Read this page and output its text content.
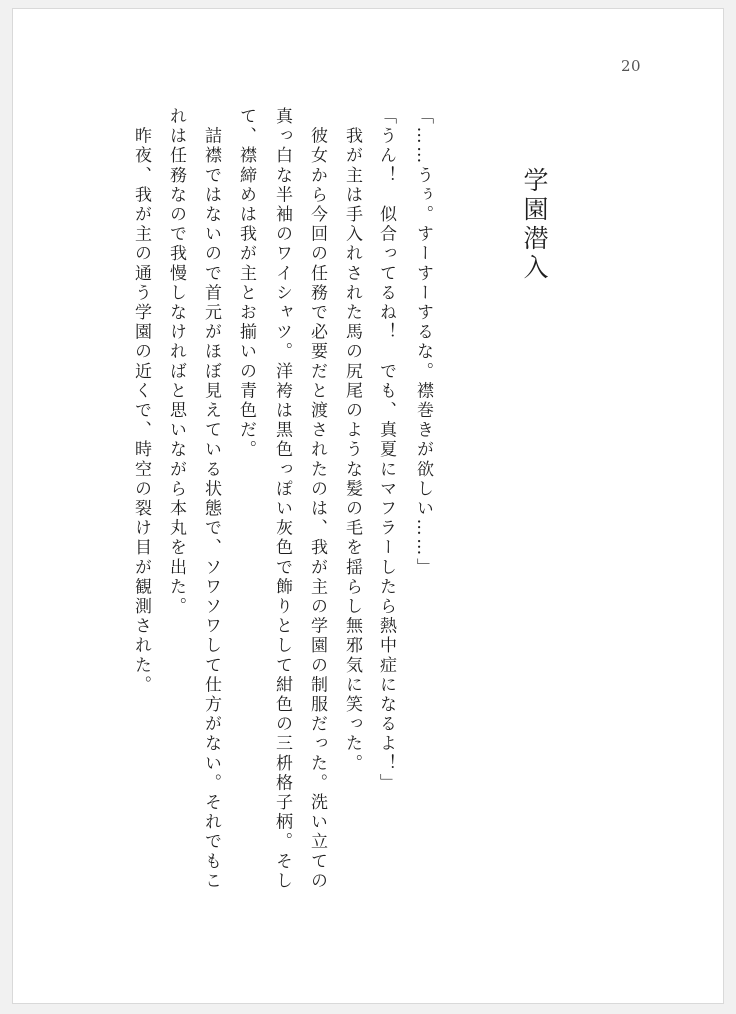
20
学園潜入
「……うぅ。すーすーするな。襟巻きが欲しい……」
「うん！　似合ってるね！　でも、真夏にマフラーしたら熱中症になるよ！」
　我が主は手入れされた馬の尻尾のような髪の毛を揺らし無邪気に笑った。
　彼女から今回の任務で必要だと渡されたのは、我が主の学園の制服だった。洗い立ての
真っ白な半袖のワイシャツ。洋袴は黒色っぽい灰色で飾りとして紺色の三枡格子柄。そし
て、襟締めは我が主とお揃いの青色だ。
　詰襟ではないので首元がほぼ見えている状態で、ソワソワして仕方がない。それでもこ
れは任務なので我慢しなければと思いながら本丸を出た。
　昨夜、我が主の通う学園の近くで、時空の裂け目が観測された。
